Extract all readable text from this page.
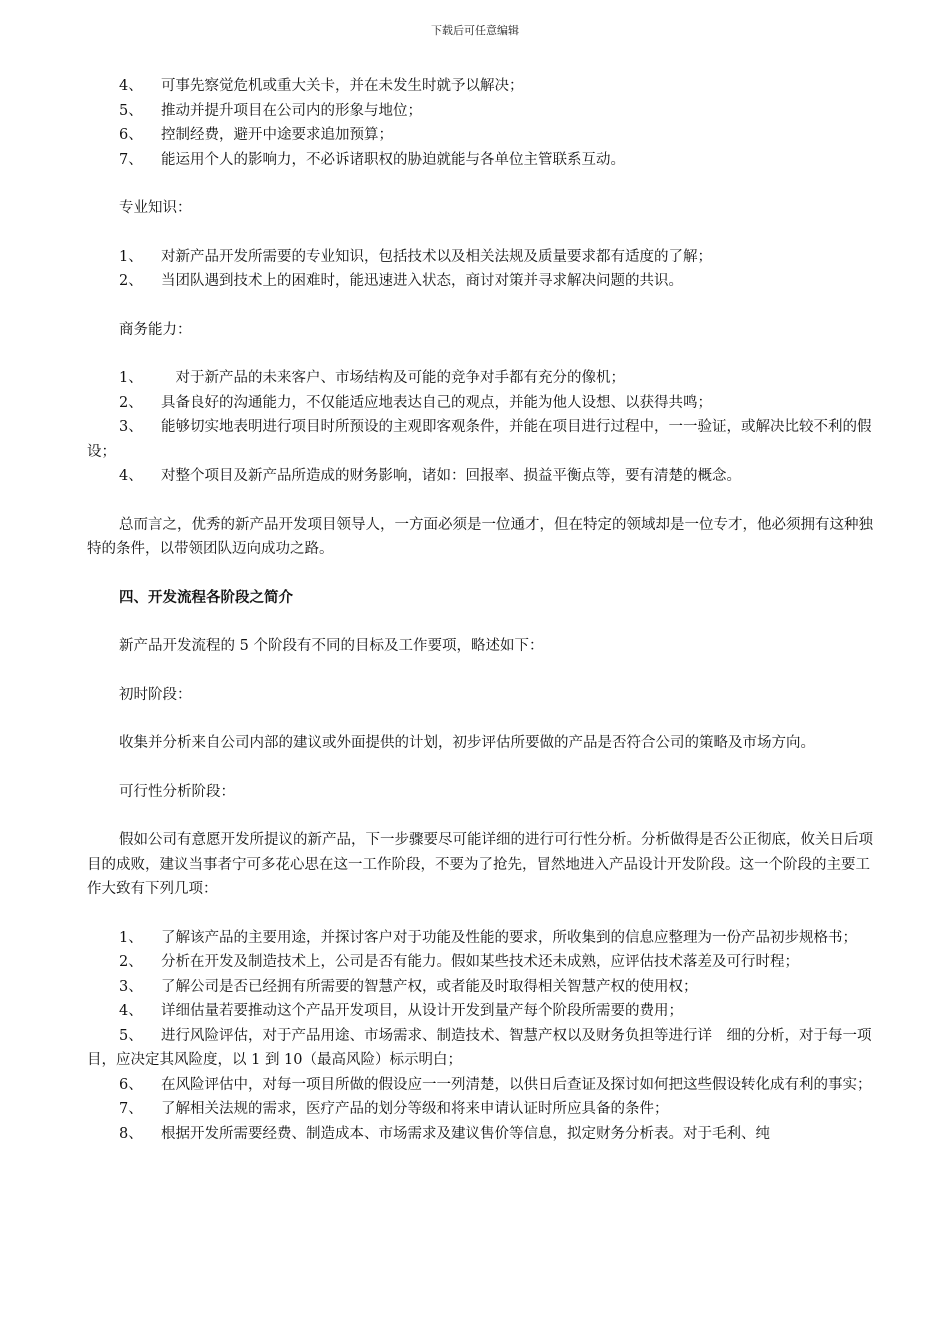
下载后可任意编辑

4、 可事先察觉危机或重大关卡，并在未发生时就予以解决；

5、 推动并提升项目在公司内的形象与地位；

6、 控制经费，避开中途要求追加预算；

7、 能运用个人的影响力，不必诉诸职权的胁迫就能与各单位主管联系互动。

专业知识：

1、 对新产品开发所需要的专业知识，包括技术以及相关法规及质量要求都有适度的了解；

2、 当团队遇到技术上的困难时，能迅速进入状态，商讨对策并寻求解决问题的共识。

商务能力：

1、　对于新产品的未来客户、市场结构及可能的竞争对手都有充分的像机；

2、 具备良好的沟通能力，不仅能适应地表达自己的观点，并能为他人设想、以获得共鸣；

3、 能够切实地表明进行项目时所预设的主观即客观条件，并能在项目进行过程中，一一验证，或解决比较不利的假设；

4、 对整个项目及新产品所造成的财务影响，诸如：回报率、损益平衡点等，要有清楚的概念。

总而言之，优秀的新产品开发项目领导人，一方面必须是一位通才，但在特定的领域却是一位专才，他必须拥有这种独特的条件，以带领团队迈向成功之路。

四、开发流程各阶段之简介

新产品开发流程的 5 个阶段有不同的目标及工作要项，略述如下：

初时阶段：

收集并分析来自公司内部的建议或外面提供的计划，初步评估所要做的产品是否符合公司的策略及市场方向。

可行性分析阶段：

假如公司有意愿开发所提议的新产品，下一步骤要尽可能详细的进行可行性分析。分析做得是否公正彻底，攸关日后项目的成败，建议当事者宁可多花心思在这一工作阶段，不要为了抢先，冒然地进入产品设计开发阶段。这一个阶段的主要工作大致有下列几项：

1、 了解该产品的主要用途，并探讨客户对于功能及性能的要求，所收集到的信息应整理为一份产品初步规格书；

2、 分析在开发及制造技术上，公司是否有能力。假如某些技术还未成熟，应评估技术落差及可行时程；

3、 了解公司是否已经拥有所需要的智慧产权，或者能及时取得相关智慧产权的使用权；

4、 详细估量若要推动这个产品开发项目，从设计开发到量产每个阶段所需要的费用；

5、 进行风险评估，对于产品用途、市场需求、制造技术、智慧产权以及财务负担等进行详　细的分析，对于每一项目，应决定其风险度，以 1 到 10（最高风险）标示明白；

6、 在风险评估中，对每一项目所做的假设应一一列清楚，以供日后查证及探讨如何把这些假设转化成有利的事实；

7、 了解相关法规的需求，医疗产品的划分等级和将来申请认证时所应具备的条件；

8、 根据开发所需要经费、制造成本、市场需求及建议售价等信息，拟定财务分析表。对于毛利、纯
